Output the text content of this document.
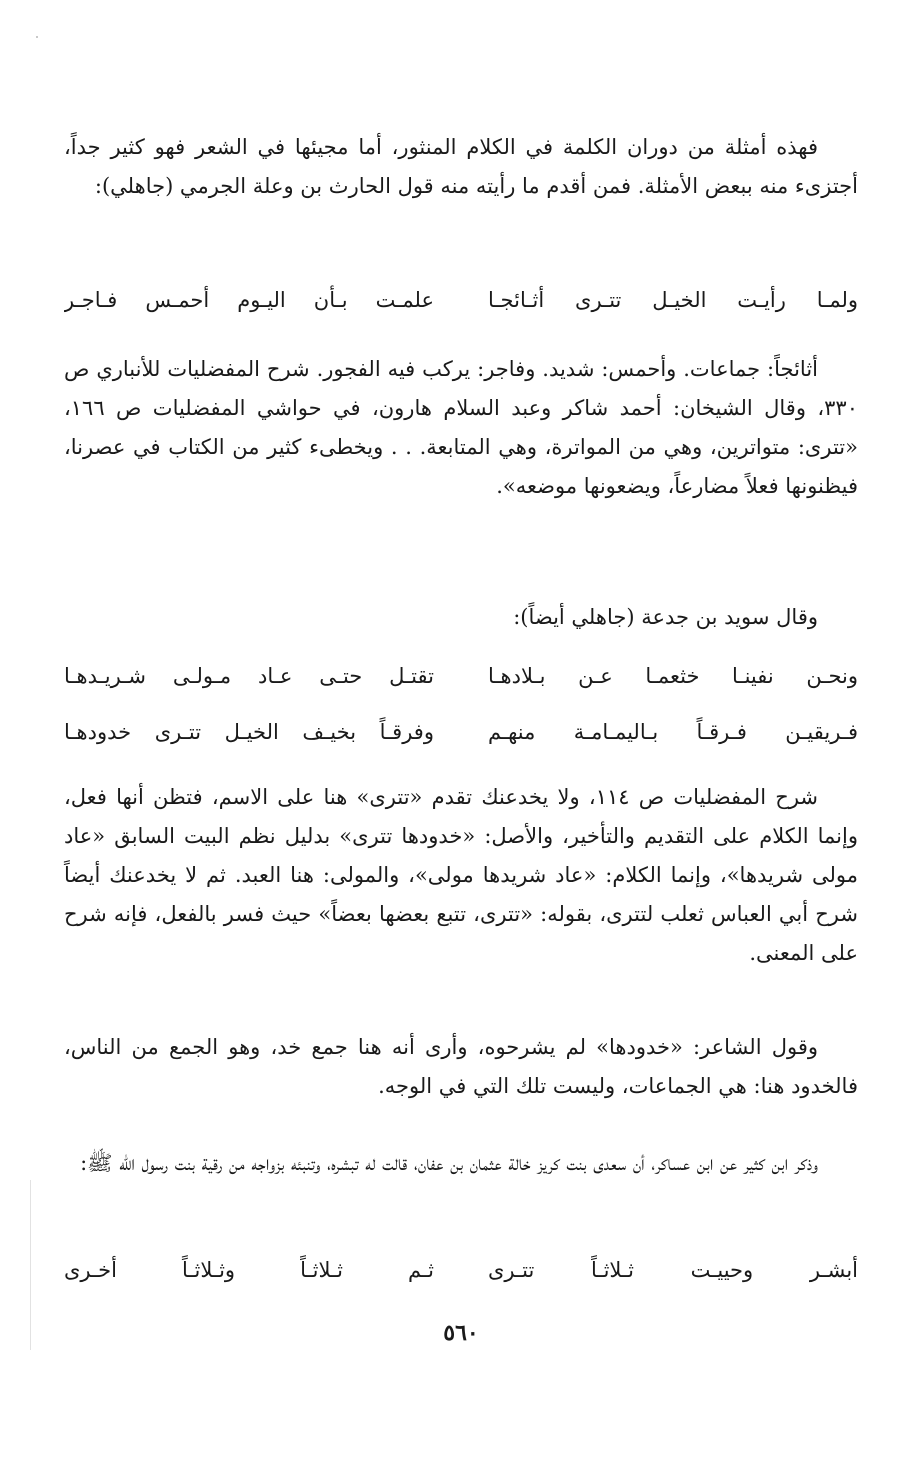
فهذه أمثلة من دوران الكلمة في الكلام المنثور، أما مجيئها في الشعر فهو كثير جداً، أجتزىء منه ببعض الأمثلة. فمن أقدم ما رأيته منه قول الحارث بن وعلة الجرمي (جاهلي):

ولمـا رأيـت الخيـل تتـرى أثـائجـا
علمـت بـأن اليـوم أحمـس فـاجـر

أثائجاً: جماعات. وأحمس: شديد. وفاجر: يركب فيه الفجور. شرح المفضليات للأنباري ص ٣٣٠، وقال الشيخان: أحمد شاكر وعبد السلام هارون، في حواشي المفضليات ص ١٦٦، «تترى: متواترين، وهي من المواترة، وهي المتابعة. . . ويخطىء كثير من الكتاب في عصرنا، فيظنونها فعلاً مضارعاً، ويضعونها موضعه».

وقال سويد بن جدعة (جاهلي أيضاً):

ونحـن نفينـا خثعمـا عـن بـلادهـا
تقتـل حتـى عـاد مـولـى شـريـدهـا
فـريقيـن فـرقـاً بـاليمـامـة منهـم
وفرقـاً بخيـف الخيـل تتـرى خدودهـا

شرح المفضليات ص ١١٤، ولا يخدعنك تقدم «تترى» هنا على الاسم، فتظن أنها فعل، وإنما الكلام على التقديم والتأخير، والأصل: «خدودها تترى» بدليل نظم البيت السابق «عاد مولى شريدها»، وإنما الكلام: «عاد شريدها مولى»، والمولى: هنا العبد. ثم لا يخدعنك أيضاً شرح أبي العباس ثعلب لتترى، بقوله: «تترى، تتبع بعضها بعضاً» حيث فسر بالفعل، فإنه شرح على المعنى.

وقول الشاعر: «خدودها» لم يشرحوه، وأرى أنه هنا جمع خد، وهو الجمع من الناس، فالخدود هنا: هي الجماعات، وليست تلك التي في الوجه.

وذكر ابن كثير عن ابن عساكر، أن سعدى بنت كريز خالة عثمان بن عفان، قالت له تبشره، وتنبئه بزواجه من رقية بنت رسول الله ﷺ:

أبشـر وحييـت ثـلاثـاً تتـرى
ثـم ثـلاثـاً وثـلاثـاً أخـرى
٥٦٠
